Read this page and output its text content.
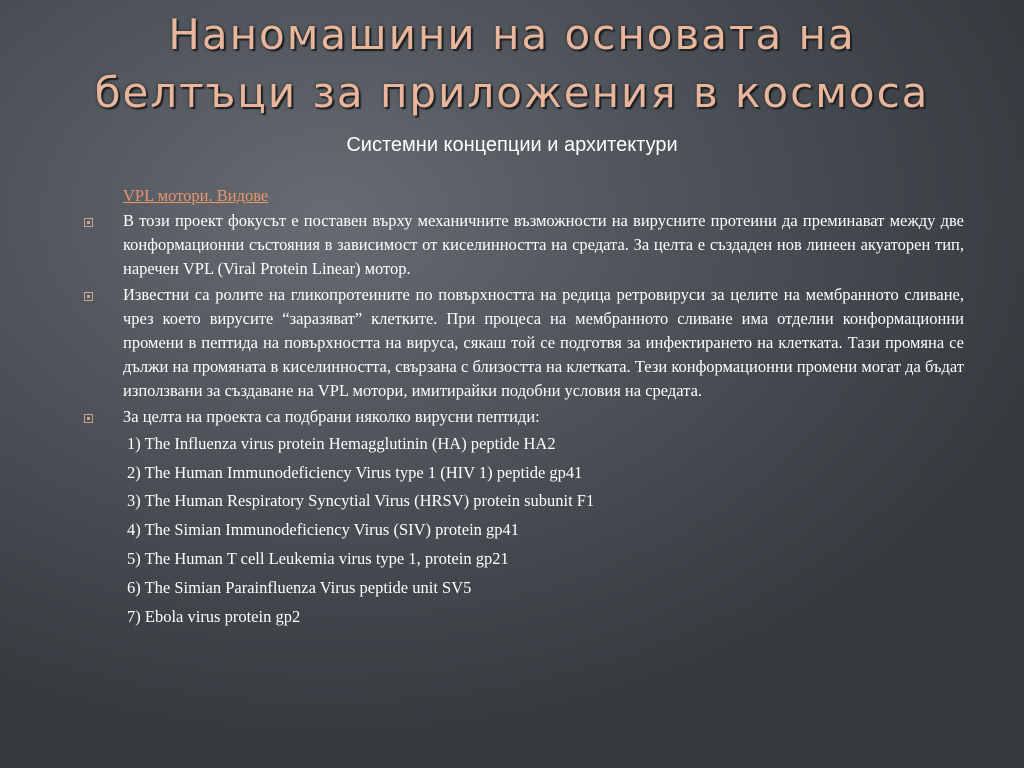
Наномашини на основата на
белтъци за приложения в космоса
Системни концепции и архитектури
VPL мотори. Видове
В този проект фокусът е поставен върху механичните възможности на вирусните протеини да преминават между две конформационни състояния в зависимост от киселинността на средата. За целта е създаден нов линеен акуаторен тип, наречен VPL (Viral Protein Linear) мотор.
Известни са ролите на гликопротеините по повърхността на редица ретровируси за целите на мембранното сливане, чрез което вирусите “заразяват” клетките. При процеса на мембранното сливане има отделни конформационни промени в пептида на повърхността на вируса, сякаш той се подготвя за инфектирането на клетката. Тази промяна се дължи на промяната в киселинността, свързана с близостта на клетката. Тези конформационни промени могат да бъдат използвани за създаване на VPL мотори, имитирайки подобни условия на средата.
За целта на проекта са подбрани няколко вирусни пептиди:
1) The Influenza virus protein Hemagglutinin (HA) peptide HA2
2) The Human Immunodeficiency Virus type 1 (HIV 1) peptide gp41
3) The Human Respiratory Syncytial Virus (HRSV) protein subunit F1
4) The Simian Immunodeficiency Virus (SIV) protein gp41
5) The Human T cell Leukemia virus type 1, protein gp21
6) The Simian Parainfluenza Virus peptide unit SV5
7) Ebola virus protein gp2
